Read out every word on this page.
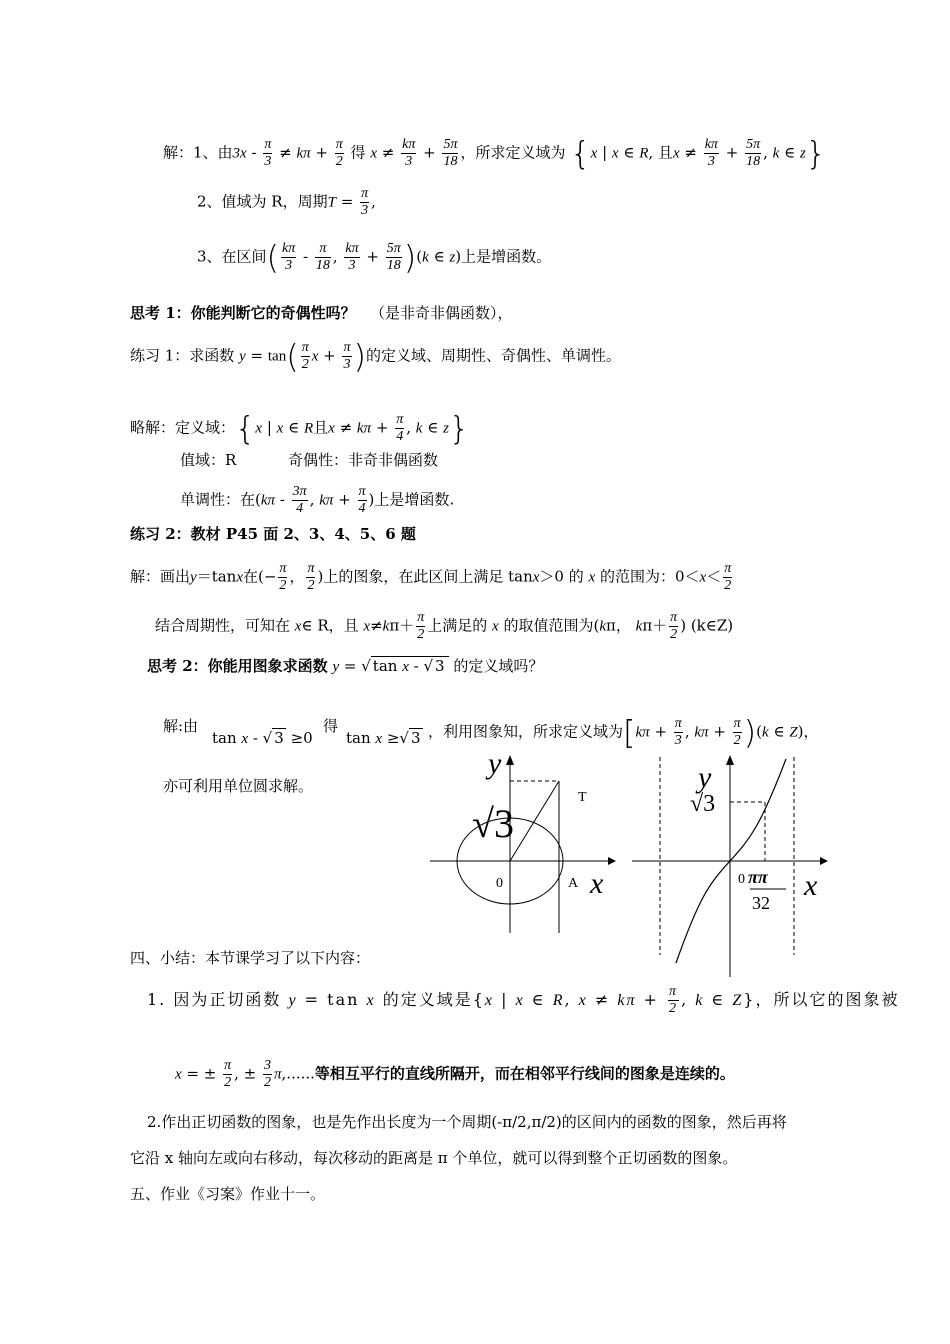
解：1、由$3x - \frac{\pi}{3} \ne k\pi + \frac{\pi}{2}$ 得 $x \ne \frac{k\pi}{3} + \frac{5\pi}{18}$ ，所求定义域为 {x | x ∈ R, 且$x \ne \frac{k\pi}{3} + \frac{5\pi}{18}$ , k ∈ z}
2、值域为 R，周期$T = \frac{\pi}{3}$ ,
3、在区间( $\frac{k\pi}{3} - \frac{\pi}{18}$ , $\frac{k\pi}{3} + \frac{5\pi}{18} )(k$ ∈ z)上是增函数。
思考 1：你能判断它的奇偶性吗？ （是非奇非偶函数），
练习 1：求函数 $y = \tan( \frac{\pi}{2}$ $x + \frac{\pi}{3}$ )的定义域、周期性、奇偶性、单调性。
略解：定义域：{x | x ∈ R且$x \ne k\pi + \frac{\pi}{4}$ , k ∈ z}
值域：R	奇偶性：非奇非偶函数
单调性：在($k\pi - \frac{3\pi}{4}$ , $k\pi + \frac{\pi}{4}$ )上是增函数.
练习 2：教材 P45 面 2、3、4、5、6 题
解：画出y＝tanx在(− $\frac{\pi}{2}$ ， $\frac{\pi}{2}$ )上的图象，在此区间上满足 tanx＞0 的 x 的范围为：$0<x< \frac{\pi}{2}$
结合周期性，可知在 x∈ R，且 $x\ne k\pi+ \frac{\pi}{2}$ 上满足的 x 的取值范围为(kπ， $k\pi+ \frac{\pi}{2}$ ) (k∈Z)
思考 2：你能用图象求函数 y = √ tan x - √ 3 的定义域吗？
解:由
tan x - √ 3 ≥0
得
tan x ≥√ 3 ，利用图象知，所求定义域为[$k\pi + \frac{\pi}{3}$ , $k\pi + \frac{\pi}{2} )(k$ ∈ Z)，
亦可利用单位圆求解。
y
√3
T
0	A x
y
√3
0 ππ
32
x
四、小结：本节课学习了以下内容：
1. 因为正切函数 y = tan x 的定义域是{x | x ∈ R, $x \ne k\pi + \frac{\pi}{2}$ , k ∈ Z}，所以它的图象被
x = ± $\frac{\pi}{2}$ , ± $\frac{3}{2} \pi$,......等相互平行的直线所隔开，而在相邻平行线间的图象是连续的。
2.作出正切函数的图象，也是先作出长度为一个周期(-π/2,π/2)的区间内的函数的图象，然后再将
它沿 x 轴向左或向右移动，每次移动的距离是 π 个单位，就可以得到整个正切函数的图象。
五、作业《习案》作业十一。
